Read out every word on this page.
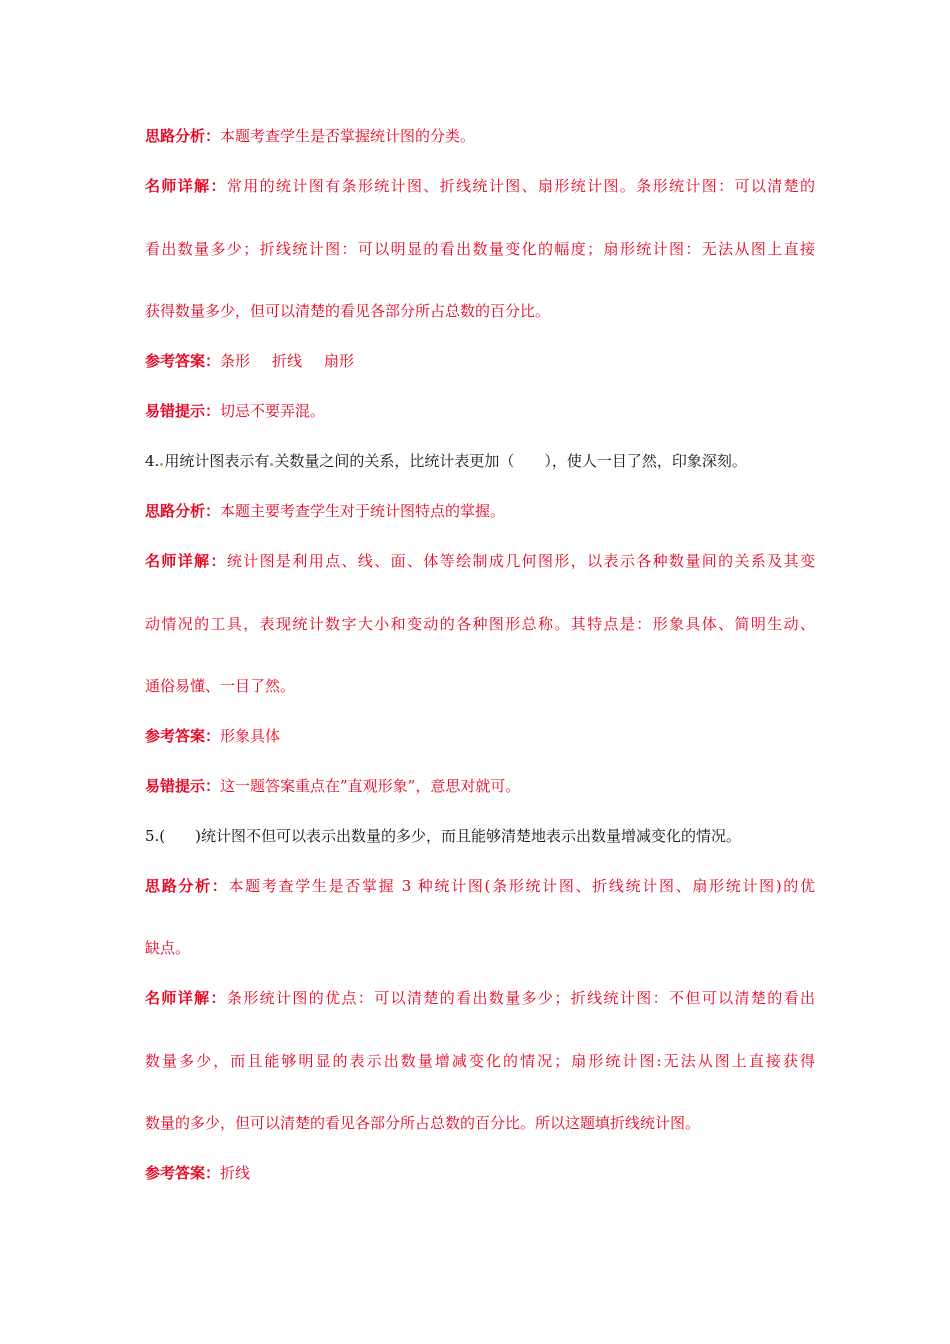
思路分析：本题考查学生是否掌握统计图的分类。
名师详解：常用的统计图有条形统计图、折线统计图、扇形统计图。条形统计图：可以清楚的
看出数量多少；折线统计图：可以明显的看出数量变化的幅度；扇形统计图：无法从图上直接
获得数量多少，但可以清楚的看见各部分所占总数的百分比。
参考答案：条形 折线 扇形
易错提示：切忌不要弄混。
4. 用统计图表示有 关数量之间的关系，比统计表更加（　　），使人一目了然，印象深刻。
思路分析：本题主要考查学生对于统计图特点的掌握。
名师详解：统计图是利用点、线、面、体等绘制成几何图形，以表示各种数量间的关系及其变
动情况的工具，表现统计数字大小和变动的各种图形总称。其特点是：形象具体、简明生动、
通俗易懂、一目了然。
参考答案：形象具体
易错提示：这一题答案重点在”直观形象”，意思对就可。
5.(　　)统计图不但可以表示出数量的多少，而且能够清楚地表示出数量增减变化的情况。
思路分析：本题考查学生是否掌握 3 种统计图(条形统计图、折线统计图、扇形统计图)的优
缺点。
名师详解：条形统计图的优点：可以清楚的看出数量多少；折线统计图：不但可以清楚的看出
数量多少，而且能够明显的表示出数量增减变化的情况；扇形统计图:无法从图上直接获得
数量的多少，但可以清楚的看见各部分所占总数的百分比。所以这题填折线统计图。
参考答案：折线
